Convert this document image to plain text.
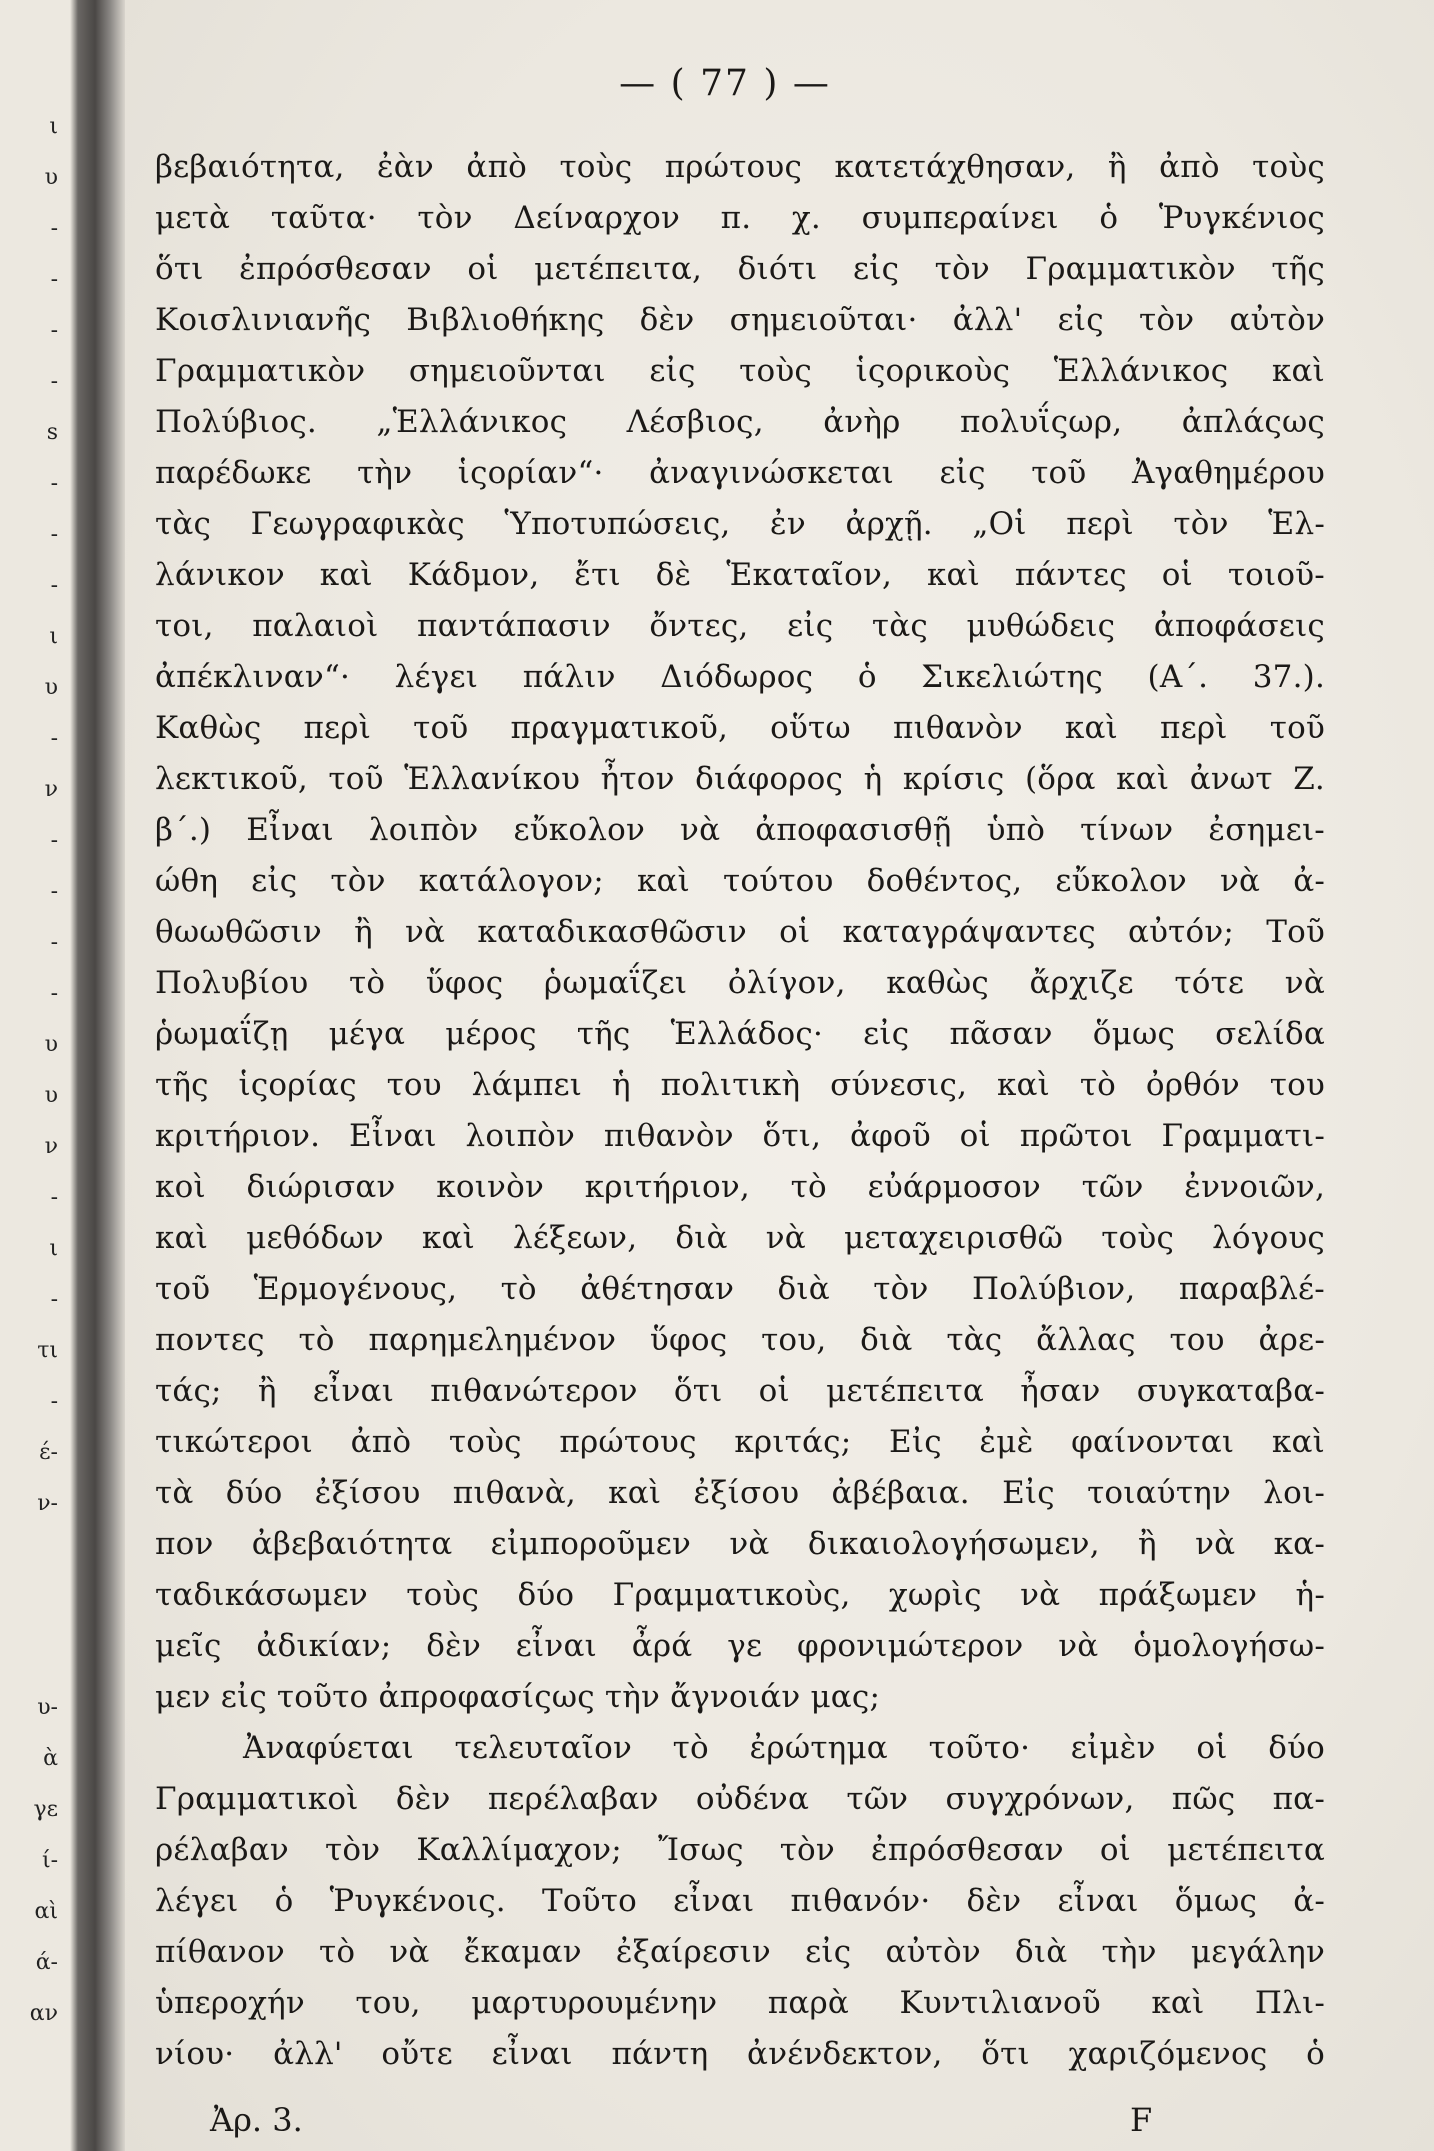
ι
υ
-
-
-
-
s
-
-
-
ι
υ
-
ν
-
-
-
-
υ
υ
ν
-
ι
-
τι
-
έ-
ν-
υ-
ὰ
γε
ί-
αὶ
ά-
αν
— ( 77 ) —
βεβαιότητα, ἐὰν ἀπὸ τοὺς πρώτους κατετάχθησαν, ἢ ἀπὸ τοὺς
μετὰ ταῦτα· τὸν Δείναρχον π. χ. συμπεραίνει ὁ Ῥυγκένιος
ὅτι ἐπρόσθεσαν οἱ μετέπειτα, διότι εἰς τὸν Γραμματικὸν τῆς
Κοισλινιανῆς Βιβλιοθήκης δὲν σημειοῦται· ἀλλ' εἰς τὸν αὐτὸν
Γραμματικὸν σημειοῦνται εἰς τοὺς ἱςορικοὺς Ἑλλάνικος καὶ
Πολύβιος. „Ἑλλάνικος Λέσβιος, ἀνὴρ πολυΐςωρ, ἀπλάςως
παρέδωκε τὴν ἱςορίαν“· ἀναγινώσκεται εἰς τοῦ Ἀγαθημέρου
τὰς Γεωγραφικὰς Ὑποτυπώσεις, ἐν ἀρχῇ. „Οἱ περὶ τὸν Ἑλ-
λάνικον καὶ Κάδμον, ἔτι δὲ Ἑκαταῖον, καὶ πάντες οἱ τοιοῦ-
τοι, παλαιοὶ παντάπασιν ὄντες, εἰς τὰς μυθώδεις ἀποφάσεις
ἀπέκλιναν“· λέγει πάλιν Διόδωρος ὁ Σικελιώτης (Α΄. 37.).
Καθὼς περὶ τοῦ πραγματικοῦ, οὕτω πιθανὸν καὶ περὶ τοῦ
λεκτικοῦ, τοῦ Ἑλλανίκου ἦτον διάφορος ἡ κρίσις (ὅρα καὶ ἀνωτ Ζ.
β΄.) Εἶναι λοιπὸν εὔκολον νὰ ἀποφασισθῇ ὑπὸ τίνων ἐσημει-
ώθη εἰς τὸν κατάλογον; καὶ τούτου δοθέντος, εὔκολον νὰ ἀ-
θωωθῶσιν ἢ νὰ καταδικασθῶσιν οἱ καταγράψαντες αὐτόν; Τοῦ
Πολυβίου τὸ ὕφος ῥωμαΐζει ὀλίγον, καθὼς ἄρχιζε τότε νὰ
ῥωμαΐζῃ μέγα μέρος τῆς Ἑλλάδος· εἰς πᾶσαν ὅμως σελίδα
τῆς ἱςορίας του λάμπει ἡ πολιτικὴ σύνεσις, καὶ τὸ ὀρθόν του
κριτήριον. Εἶναι λοιπὸν πιθανὸν ὅτι, ἀφοῦ οἱ πρῶτοι Γραμματι-
κοὶ διώρισαν κοινὸν κριτήριον, τὸ εὐάρμοσον τῶν ἐννοιῶν,
καὶ μεθόδων καὶ λέξεων, διὰ νὰ μεταχειρισθῶ τοὺς λόγους
τοῦ Ἑρμογένους, τὸ ἀθέτησαν διὰ τὸν Πολύβιον, παραβλέ-
ποντες τὸ παρημελημένον ὕφος του, διὰ τὰς ἄλλας του ἀρε-
τάς; ἢ εἶναι πιθανώτερον ὅτι οἱ μετέπειτα ἦσαν συγκαταβα-
τικώτεροι ἀπὸ τοὺς πρώτους κριτάς; Εἰς ἐμὲ φαίνονται καὶ
τὰ δύο ἐξίσου πιθανὰ, καὶ ἐξίσου ἀβέβαια. Εἰς τοιαύτην λοι-
πον ἀβεβαιότητα εἰμποροῦμεν νὰ δικαιολογήσωμεν, ἢ νὰ κα-
ταδικάσωμεν τοὺς δύο Γραμματικοὺς, χωρὶς νὰ πράξωμεν ἡ-
μεῖς ἀδικίαν; δὲν εἶναι ἆρά γε φρονιμώτερον νὰ ὁμολογήσω-
μεν εἰς τοῦτο ἀπροφασίςως τὴν ἄγνοιάν μας;
Ἀναφύεται τελευταῖον τὸ ἐρώτημα τοῦτο· εἰμὲν οἱ δύο
Γραμματικοὶ δὲν περέλαβαν οὐδένα τῶν συγχρόνων, πῶς πα-
ρέλαβαν τὸν Καλλίμαχον; Ἴσως τὸν ἐπρόσθεσαν οἱ μετέπειτα
λέγει ὁ Ῥυγκένοις. Τοῦτο εἶναι πιθανόν· δὲν εἶναι ὅμως ἀ-
πίθανον τὸ νὰ ἔκαμαν ἐξαίρεσιν εἰς αὐτὸν διὰ τὴν μεγάλην
ὑπεροχήν του, μαρτυρουμένην παρὰ Κυντιλιανοῦ καὶ Πλι-
νίου· ἀλλ' οὔτε εἶναι πάντη ἀνένδεκτον, ὅτι χαριζόμενος ὁ
Ἀρ. 3.	F
